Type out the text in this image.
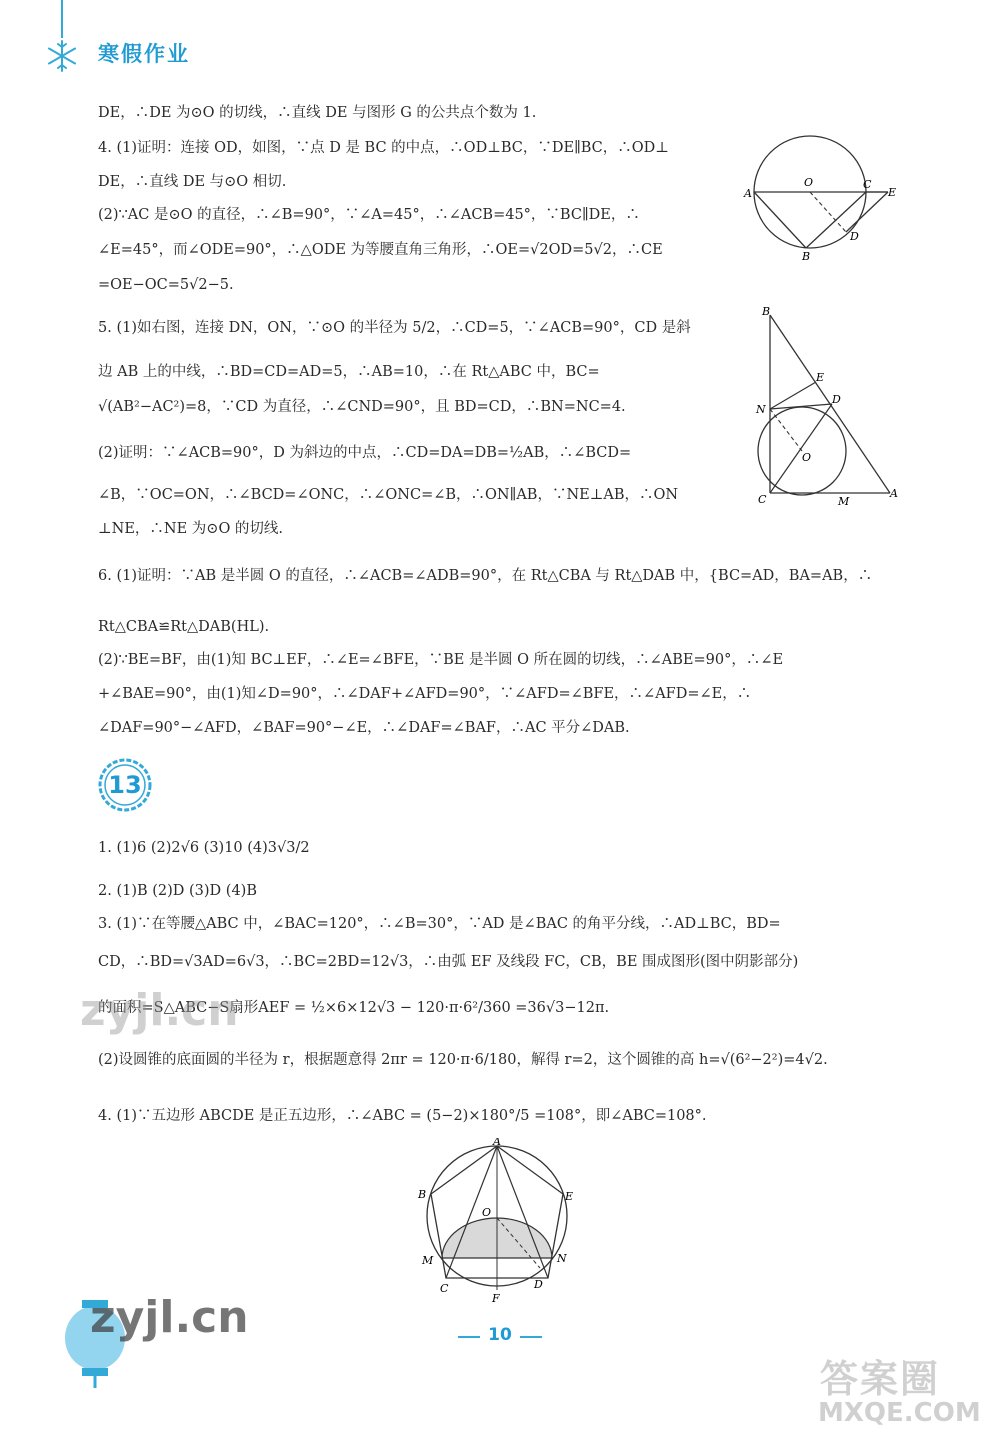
寒假作业
DE，∴DE 为⊙O 的切线，∴直线 DE 与图形 G 的公共点个数为 1.
4. (1)证明：连接 OD，如图，∵点 D 是 BC 的中点，∴OD⊥BC，∵DE∥BC，∴OD⊥
DE，∴直线 DE 与⊙O 相切.
(2)∵AC 是⊙O 的直径，∴∠B=90°，∵∠A=45°，∴∠ACB=45°，∵BC∥DE，∴
∠E=45°，而∠ODE=90°，∴△ODE 为等腰直角三角形，∴OE=√2OD=5√2，∴CE
=OE−OC=5√2−5.
5. (1)如右图，连接 DN，ON，∵⊙O 的半径为 5/2，∴CD=5，∵∠ACB=90°，CD 是斜
边 AB 上的中线，∴BD=CD=AD=5，∴AB=10，∴在 Rt△ABC 中，BC=
√(AB²−AC²)=8，∵CD 为直径，∴∠CND=90°，且 BD=CD，∴BN=NC=4.
(2)证明：∵∠ACB=90°，D 为斜边的中点，∴CD=DA=DB=½AB，∴∠BCD=
∠B，∵OC=ON，∴∠BCD=∠ONC，∴∠ONC=∠B，∴ON∥AB，∵NE⊥AB，∴ON
⊥NE，∴NE 为⊙O 的切线.
6. (1)证明：∵AB 是半圆 O 的直径，∴∠ACB=∠ADB=90°，在 Rt△CBA 与 Rt△DAB 中，{BC=AD，BA=AB，∴
Rt△CBA≌Rt△DAB(HL).
(2)∵BE=BF，由(1)知 BC⊥EF，∴∠E=∠BFE，∵BE 是半圆 O 所在圆的切线，∴∠ABE=90°，∴∠E
+∠BAE=90°，由(1)知∠D=90°，∴∠DAF+∠AFD=90°，∵∠AFD=∠BFE，∴∠AFD=∠E，∴
∠DAF=90°−∠AFD，∠BAF=90°−∠E，∴∠DAF=∠BAF，∴AC 平分∠DAB.
1. (1)6 (2)2√6 (3)10 (4)3√3/2
2. (1)B (2)D (3)D (4)B
3. (1)∵在等腰△ABC 中，∠BAC=120°，∴∠B=30°，∵AD 是∠BAC 的角平分线，∴AD⊥BC，BD=
CD，∴BD=√3AD=6√3，∴BC=2BD=12√3，∴由弧 EF 及线段 FC，CB，BE 围成图形(图中阴影部分)
的面积=S△ABC−S扇形AEF = ½×6×12√3 − 120·π·6²/360 =36√3−12π.
(2)设圆锥的底面圆的半径为 r，根据题意得 2πr = 120·π·6/180，解得 r=2，这个圆锥的高 h=√(6²−2²)=4√2.
4. (1)∵五边形 ABCDE 是正五边形，∴∠ABC = (5−2)×180°/5 =108°，即∠ABC=108°.
A
O	C
E
D
B
B
E
N
D
O
C	M
A
13
A
B	E
O
M	N
C	D
F
zyjl.cn
zyjl.cn	10
答案圈
MXQE.COM
